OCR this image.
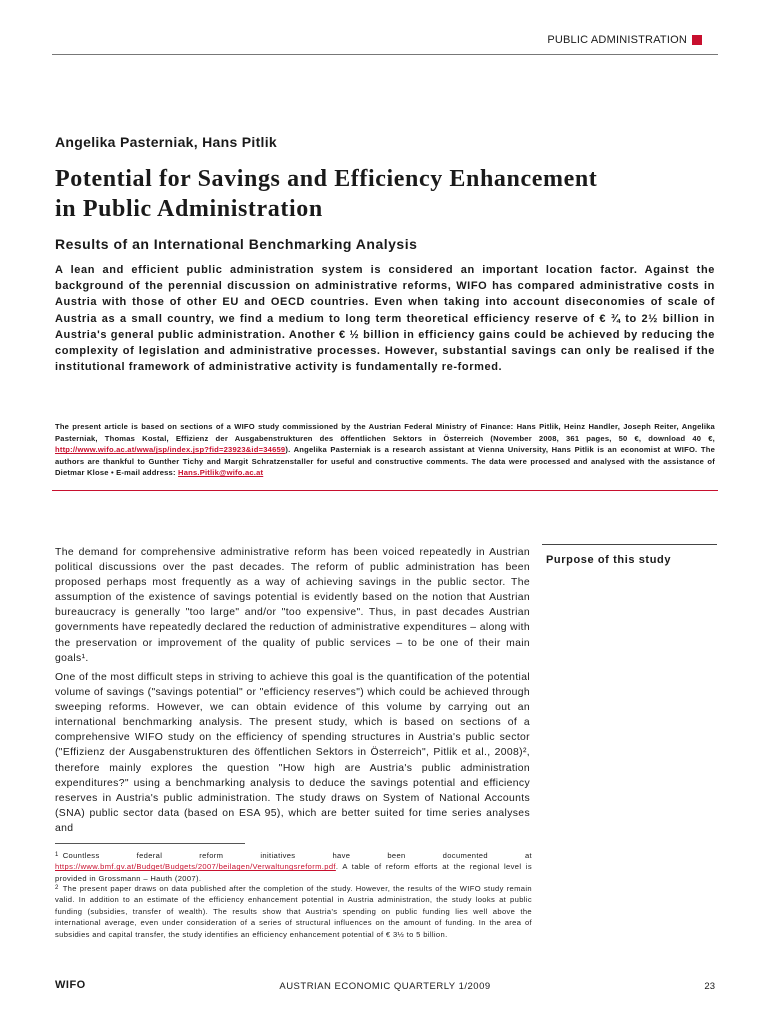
PUBLIC ADMINISTRATION
Angelika Pasterniak, Hans Pitlik
Potential for Savings and Efficiency Enhancement
in Public Administration
Results of an International Benchmarking Analysis
A lean and efficient public administration system is considered an important location factor. Against the background of the perennial discussion on administrative reforms, WIFO has compared administrative costs in Austria with those of other EU and OECD countries. Even when taking into account diseconomies of scale of Austria as a small country, we find a medium to long term theoretical efficiency reserve of € ¾ to 2½ billion in Austria's general public administration. Another € ½ billion in efficiency gains could be achieved by reducing the complexity of legislation and administrative processes. However, substantial savings can only be realised if the institutional framework of administrative activity is fundamentally re-formed.
The present article is based on sections of a WIFO study commissioned by the Austrian Federal Ministry of Finance: Hans Pitlik, Heinz Handler, Joseph Reiter, Angelika Pasterniak, Thomas Kostal, Effizienz der Ausgabenstrukturen des öffentlichen Sektors in Österreich (November 2008, 361 pages, 50 €, download 40 €, http://www.wifo.ac.at/wwa/jsp/index.jsp?fid=23923&id=34659). Angelika Pasterniak is a research assistant at Vienna University, Hans Pitlik is an economist at WIFO. The authors are thankful to Gunther Tichy and Margit Schratzenstaller for useful and constructive comments. The data were processed and analysed with the assistance of Dietmar Klose • E-mail address: Hans.Pitlik@wifo.ac.at
The demand for comprehensive administrative reform has been voiced repeatedly in Austrian political discussions over the past decades. The reform of public administration has been proposed perhaps most frequently as a way of achieving savings in the public sector. The assumption of the existence of savings potential is evidently based on the notion that Austrian bureaucracy is generally "too large" and/or "too expensive". Thus, in past decades Austrian governments have repeatedly declared the reduction of administrative expenditures – along with the preservation or improvement of the quality of public services – to be one of their main goals¹.
One of the most difficult steps in striving to achieve this goal is the quantification of the potential volume of savings ("savings potential" or "efficiency reserves") which could be achieved through sweeping reforms. However, we can obtain evidence of this volume by carrying out an international benchmarking analysis. The present study, which is based on sections of a comprehensive WIFO study on the efficiency of spending structures in Austria's public sector ("Effizienz der Ausgabenstrukturen des öffentlichen Sektors in Österreich", Pitlik et al., 2008)², therefore mainly explores the question "How high are Austria's public administration expenditures?" using a benchmarking analysis to deduce the savings potential and efficiency reserves in Austria's public administration. The study draws on System of National Accounts (SNA) public sector data (based on ESA 95), which are better suited for time series analyses and
Purpose of this study
$^1$ Countless federal reform initiatives have been documented at https://www.bmf.gv.at/Budget/Budgets/2007/beilagen/Verwaltungsreform.pdf. A table of reform efforts at the regional level is provided in Grossmann – Hauth (2007).
$^2$ The present paper draws on data published after the completion of the study. However, the results of the WIFO study remain valid. In addition to an estimate of the efficiency enhancement potential in Austria administration, the study looks at public funding (subsidies, transfer of wealth). The results show that Austria's spending on public funding lies well above the international average, even under consideration of a series of structural influences on the amount of funding. In the area of subsidies and capital transfer, the study identifies an efficiency enhancement potential of € 3½ to 5 billion.
WIFO	AUSTRIAN ECONOMIC QUARTERLY 1/2009	23
